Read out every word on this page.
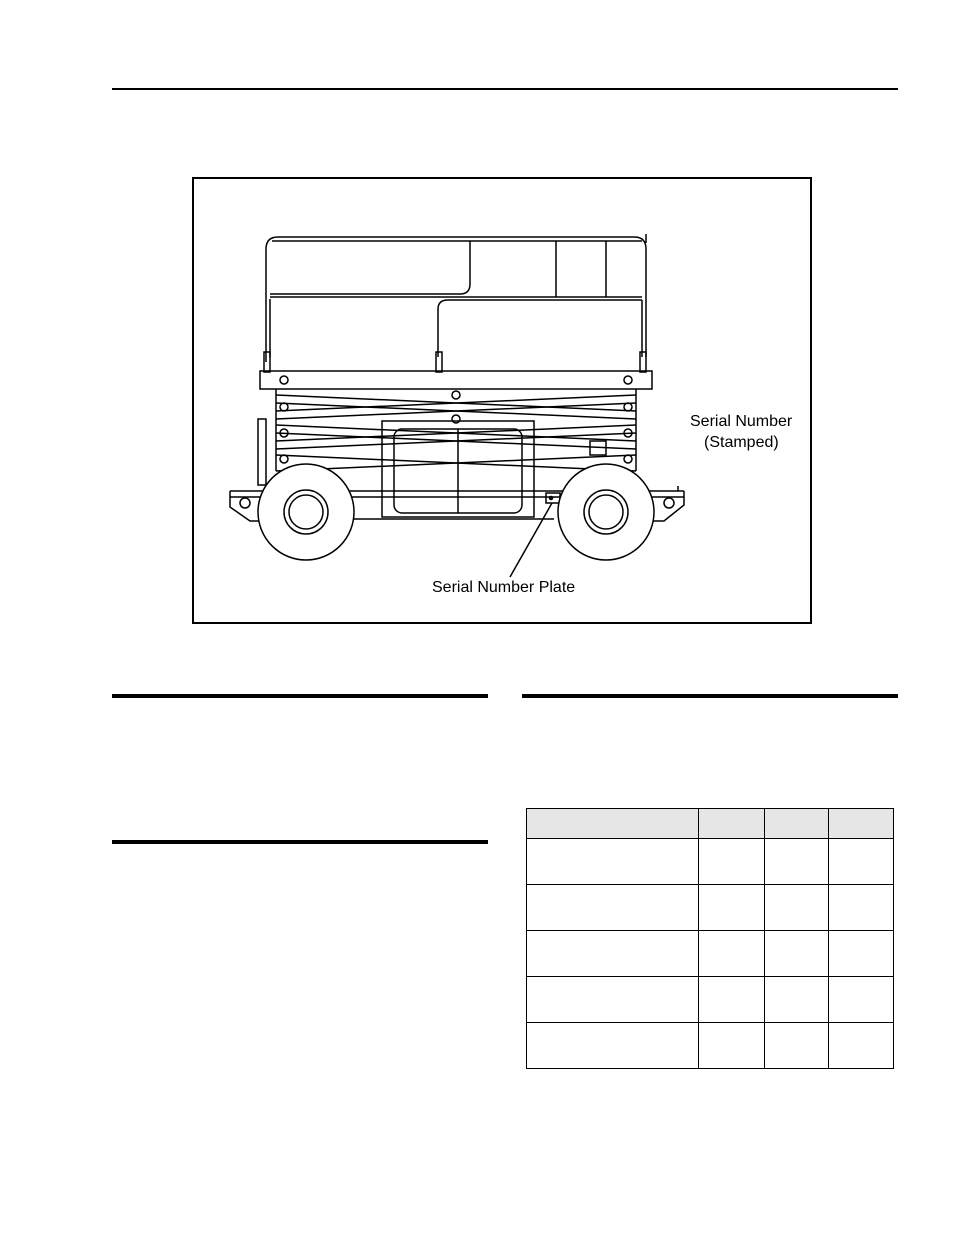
Serial Number
(Stamped)
Serial Number Plate
